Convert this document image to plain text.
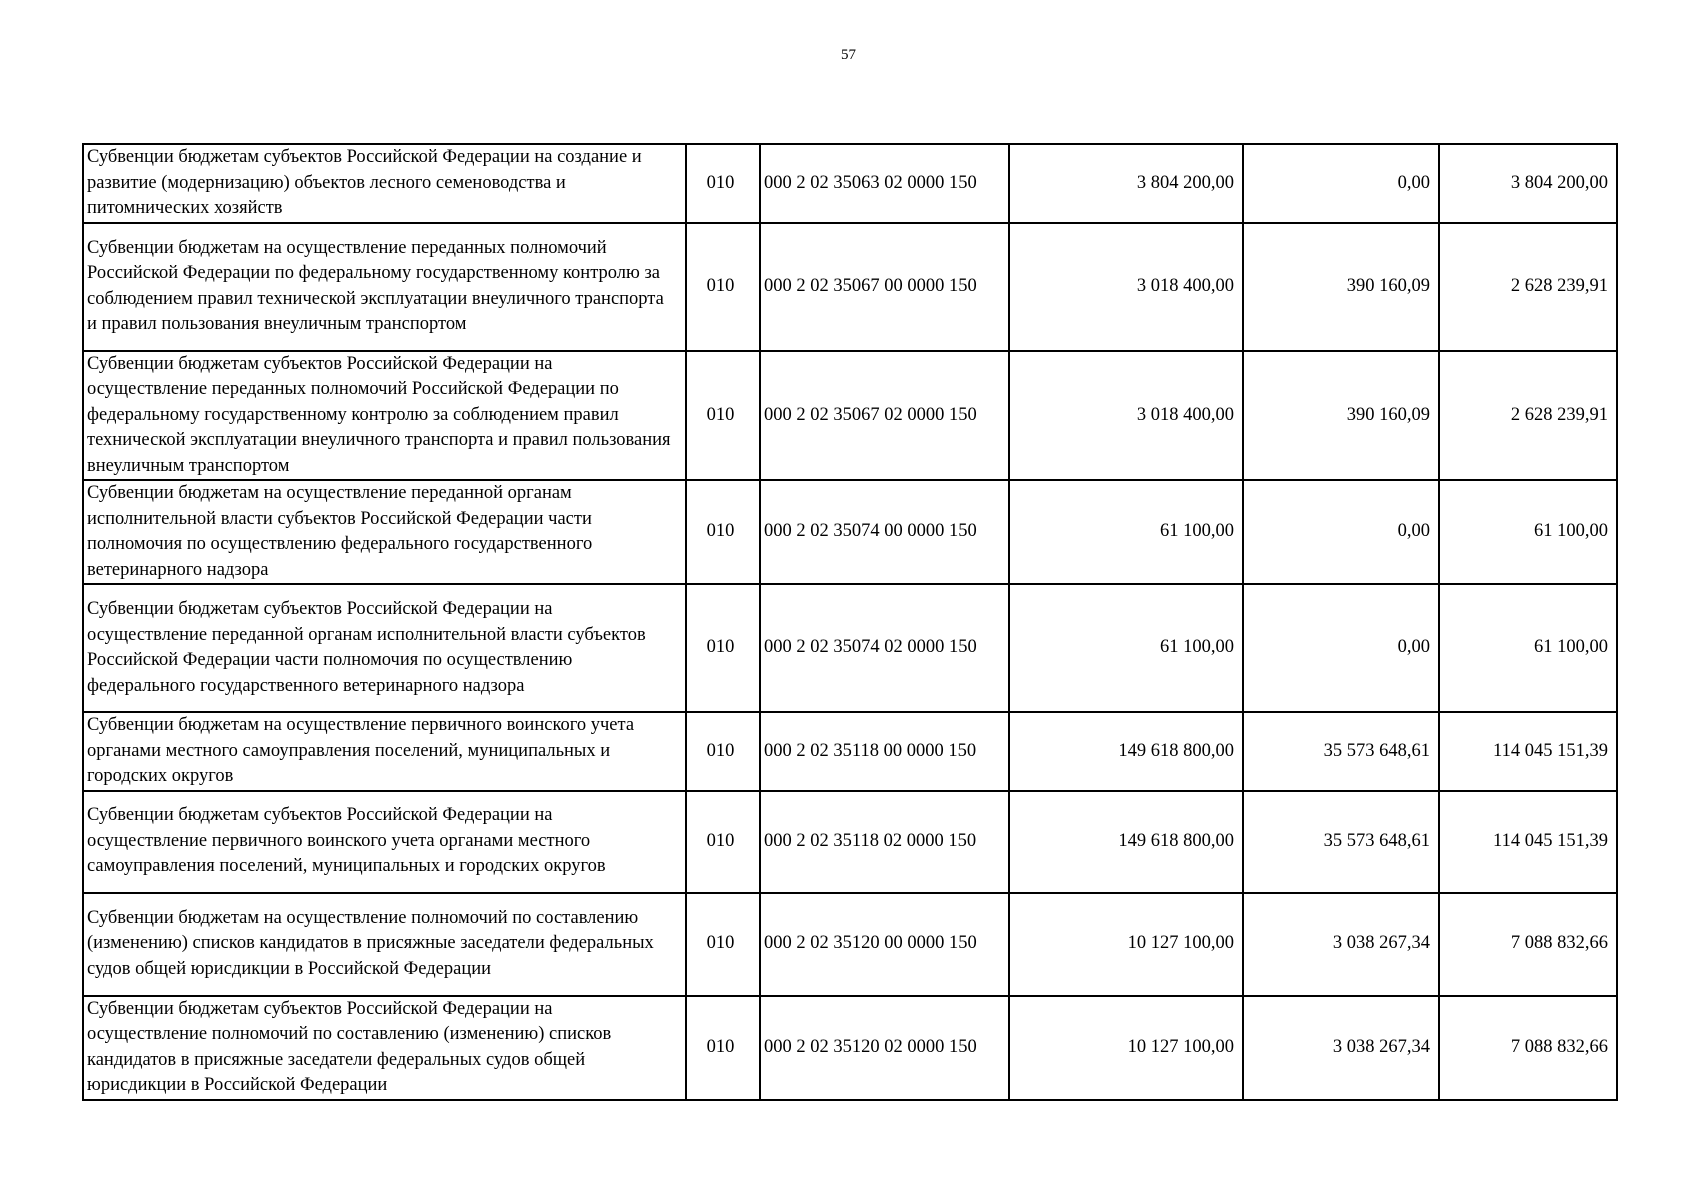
57
Субвенции бюджетам субъектов Российской Федерации на создание и развитие (модернизацию) объектов лесного семеноводства и питомнических хозяйств	010	000 2 02 35063 02 0000 150	3 804 200,00	0,00	3 804 200,00
Субвенции бюджетам на осуществление переданных полномочий Российской Федерации по федеральному государственному контролю за соблюдением правил технической эксплуатации внеуличного транспорта и правил пользования внеуличным транспортом	010	000 2 02 35067 00 0000 150	3 018 400,00	390 160,09	2 628 239,91
Субвенции бюджетам субъектов Российской Федерации на осуществление переданных полномочий Российской Федерации по федеральному государственному контролю за соблюдением правил технической эксплуатации внеуличного транспорта и правил пользования внеуличным транспортом	010	000 2 02 35067 02 0000 150	3 018 400,00	390 160,09	2 628 239,91
Субвенции бюджетам на осуществление переданной органам исполнительной власти субъектов Российской Федерации части полномочия по осуществлению федерального государственного ветеринарного надзора	010	000 2 02 35074 00 0000 150	61 100,00	0,00	61 100,00
Субвенции бюджетам субъектов Российской Федерации на осуществление переданной органам исполнительной власти субъектов Российской Федерации части полномочия по осуществлению федерального государственного ветеринарного надзора	010	000 2 02 35074 02 0000 150	61 100,00	0,00	61 100,00
Субвенции бюджетам на осуществление первичного воинского учета органами местного самоуправления поселений, муниципальных и городских округов	010	000 2 02 35118 00 0000 150	149 618 800,00	35 573 648,61	114 045 151,39
Субвенции бюджетам субъектов Российской Федерации на осуществление первичного воинского учета органами местного самоуправления поселений, муниципальных и городских округов	010	000 2 02 35118 02 0000 150	149 618 800,00	35 573 648,61	114 045 151,39
Субвенции бюджетам на осуществление полномочий по составлению (изменению) списков кандидатов в присяжные заседатели федеральных судов общей юрисдикции в Российской Федерации	010	000 2 02 35120 00 0000 150	10 127 100,00	3 038 267,34	7 088 832,66
Субвенции бюджетам субъектов Российской Федерации на осуществление полномочий по составлению (изменению) списков кандидатов в присяжные заседатели федеральных судов общей юрисдикции в Российской Федерации	010	000 2 02 35120 02 0000 150	10 127 100,00	3 038 267,34	7 088 832,66
